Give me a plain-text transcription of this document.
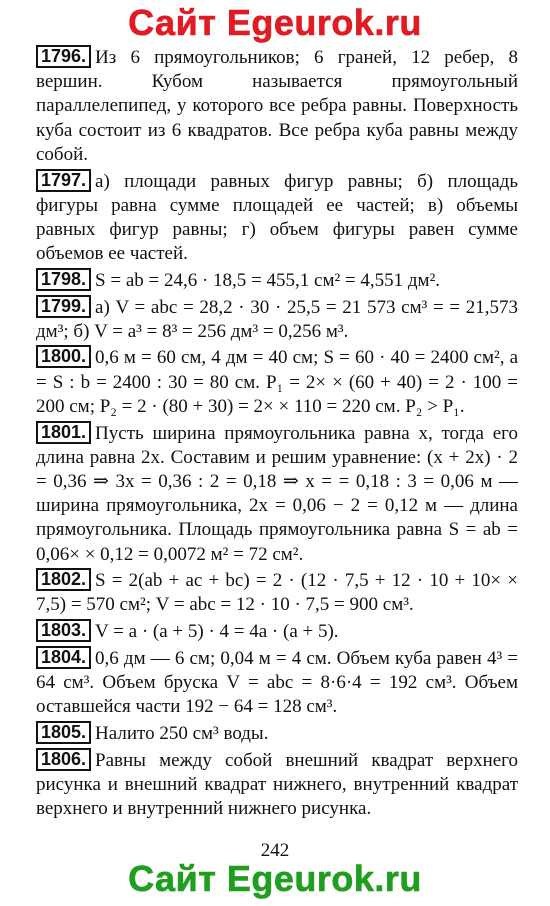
Сайт Egeurok.ru
1796. Из 6 прямоугольников; 6 граней, 12 ребер, 8 вершин. Кубом называется прямоугольный параллелепипед, у которого все ребра равны. Поверхность куба состоит из 6 квадратов. Все ребра куба равны между собой.
1797. а) площади равных фигур равны; б) площадь фигуры равна сумме площадей ее частей; в) объемы равных фигур равны; г) объем фигуры равен сумме объемов ее частей.
1798. S = ab = 24,6 · 18,5 = 455,1 см² = 4,551 дм².
1799. а) V = abc = 28,2 · 30 · 25,5 = 21 573 см³ = = 21,573 дм³; б) V = a³ = 8³ = 256 дм³ = 0,256 м³.
1800. 0,6 м = 60 см, 4 дм = 40 см; S = 60 · 40 = 2400 см², a = S : b = 2400 : 30 = 80 см. P₁ = 2× × (60 + 40) = 2 · 100 = 200 см; P₂ = 2 · (80 + 30) = 2× × 110 = 220 см. P₂ > P₁.
1801. Пусть ширина прямоугольника равна x, тогда его длина равна 2x. Составим и решим уравнение: (x + 2x) · 2 = 0,36 ⇒ 3x = 0,36 : 2 = 0,18 ⇒ x = = 0,18 : 3 = 0,06 м — ширина прямоугольника, 2x = 0,06 − 2 = 0,12 м — длина прямоугольника. Площадь прямоугольника равна S = ab = 0,06× × 0,12 = 0,0072 м² = 72 см².
1802. S = 2(ab + ac + bc) = 2 · (12 · 7,5 + 12 · 10 + 10× × 7,5) = 570 см²; V = abc = 12 · 10 · 7,5 = 900 см³.
1803. V = a · (a + 5) · 4 = 4a · (a + 5).
1804. 0,6 дм — 6 см; 0,04 м = 4 см. Объем куба равен 4³ = 64 см³. Объем бруска V = abc = 8·6·4 = 192 см³. Объем оставшейся части 192 − 64 = 128 см³.
1805. Налито 250 см³ воды.
1806. Равны между собой внешний квадрат верхнего рисунка и внешний квадрат нижнего, внутренний квадрат верхнего и внутренний нижнего рисунка.
242
Сайт Egeurok.ru
